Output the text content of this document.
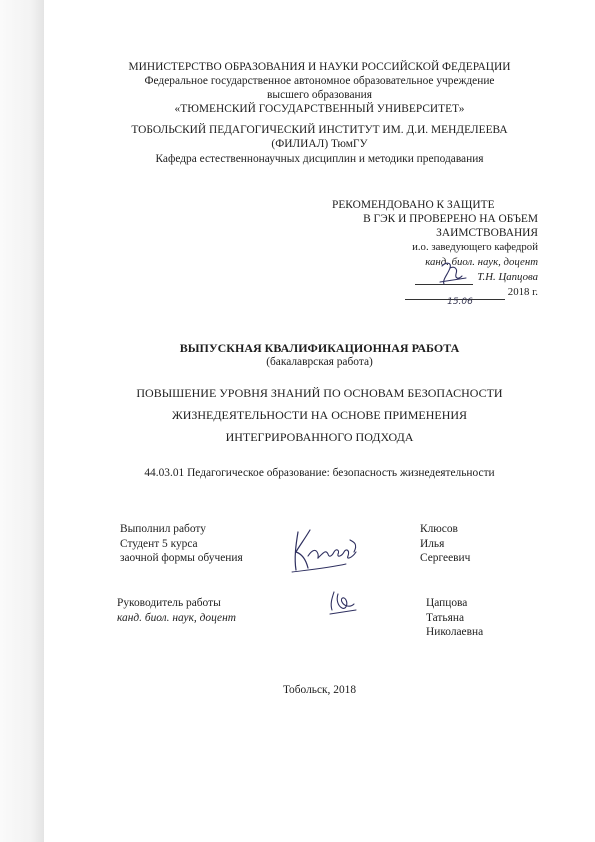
МИНИСТЕРСТВО ОБРАЗОВАНИЯ И НАУКИ РОССИЙСКОЙ ФЕДЕРАЦИИ
Федеральное государственное автономное образовательное учреждение
высшего образования
«ТЮМЕНСКИЙ ГОСУДАРСТВЕННЫЙ УНИВЕРСИТЕТ»
ТОБОЛЬСКИЙ ПЕДАГОГИЧЕСКИЙ ИНСТИТУТ ИМ. Д.И. МЕНДЕЛЕЕВА
(ФИЛИАЛ) ТюмГУ
Кафедра естественнонаучных дисциплин и методики преподавания
РЕКОМЕНДОВАНО К ЗАЩИТЕ
В ГЭК И ПРОВЕРЕНО НА ОБЪЕМ
ЗАИМСТВОВАНИЯ
и.о. заведующего кафедрой
канд. биол. наук, доцент
Т.Н. Цапцова
15.06
2018 г.
ВЫПУСКНАЯ КВАЛИФИКАЦИОННАЯ РАБОТА
(бакалаврская работа)
ПОВЫШЕНИЕ УРОВНЯ ЗНАНИЙ ПО ОСНОВАМ БЕЗОПАСНОСТИ
ЖИЗНЕДЕЯТЕЛЬНОСТИ НА ОСНОВЕ ПРИМЕНЕНИЯ
ИНТЕГРИРОВАННОГО ПОДХОДА
44.03.01 Педагогическое образование: безопасность жизнедеятельности
Выполнил работу
Студент 5 курса
заочной формы обучения
Клюсов
Илья
Сергеевич
Руководитель работы
канд. биол. наук, доцент
Цапцова
Татьяна
Николаевна
Тобольск, 2018
